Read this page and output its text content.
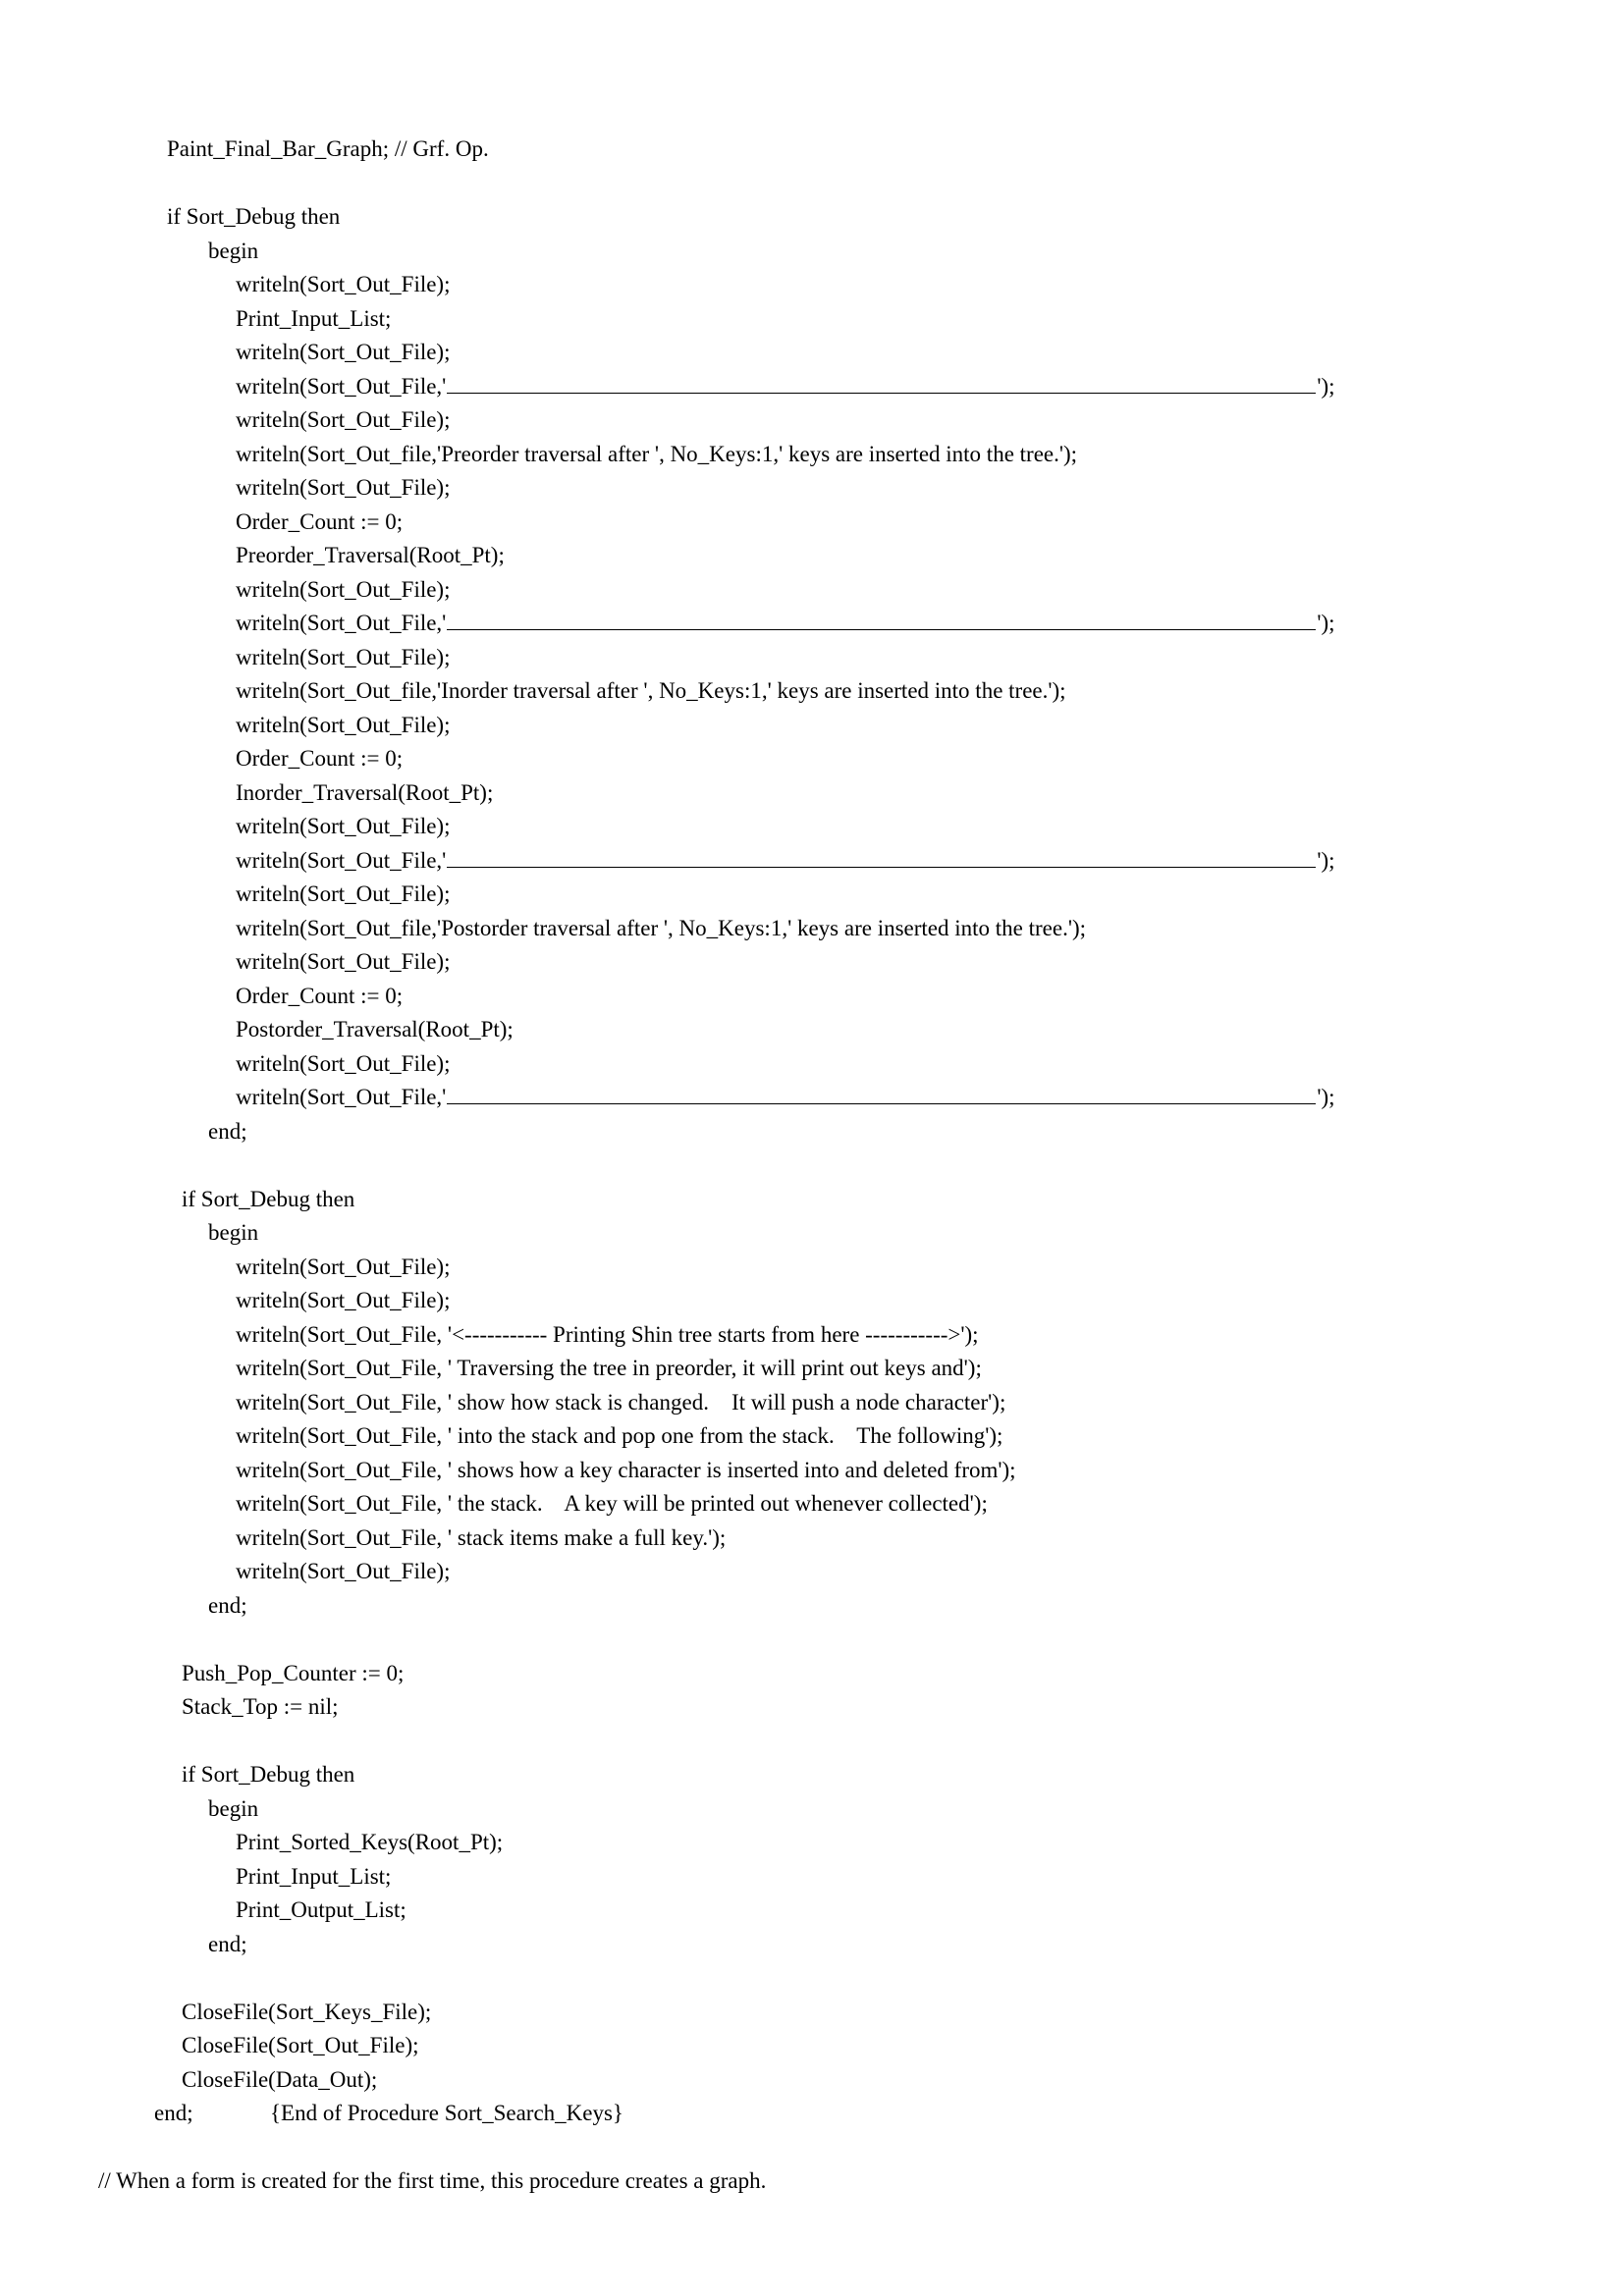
Paint_Final_Bar_Graph; // Grf. Op.
if Sort_Debug then
begin
writeln(Sort_Out_File);
Print_Input_List;
writeln(Sort_Out_File);
writeln(Sort_Out_File,'	');
writeln(Sort_Out_File);
writeln(Sort_Out_file,'Preorder traversal after ', No_Keys:1,' keys are inserted into the tree.');
writeln(Sort_Out_File);
Order_Count := 0;
Preorder_Traversal(Root_Pt);
writeln(Sort_Out_File);
writeln(Sort_Out_File,'	');
writeln(Sort_Out_File);
writeln(Sort_Out_file,'Inorder traversal after ', No_Keys:1,' keys are inserted into the tree.');
writeln(Sort_Out_File);
Order_Count := 0;
Inorder_Traversal(Root_Pt);
writeln(Sort_Out_File);
writeln(Sort_Out_File,'	');
writeln(Sort_Out_File);
writeln(Sort_Out_file,'Postorder traversal after ', No_Keys:1,' keys are inserted into the tree.');
writeln(Sort_Out_File);
Order_Count := 0;
Postorder_Traversal(Root_Pt);
writeln(Sort_Out_File);
writeln(Sort_Out_File,'	');
end;
if Sort_Debug then
begin
writeln(Sort_Out_File);
writeln(Sort_Out_File);
writeln(Sort_Out_File, '<----------- Printing Shin tree starts from here ----------->');
writeln(Sort_Out_File, ' Traversing the tree in preorder, it will print out keys and');
writeln(Sort_Out_File, ' show how stack is changed.    It will push a node character');
writeln(Sort_Out_File, ' into the stack and pop one from the stack.    The following');
writeln(Sort_Out_File, ' shows how a key character is inserted into and deleted from');
writeln(Sort_Out_File, ' the stack.    A key will be printed out whenever collected');
writeln(Sort_Out_File, ' stack items make a full key.');
writeln(Sort_Out_File);
end;
Push_Pop_Counter := 0;
Stack_Top := nil;
if Sort_Debug then
begin
Print_Sorted_Keys(Root_Pt);
Print_Input_List;
Print_Output_List;
end;
CloseFile(Sort_Keys_File);
CloseFile(Sort_Out_File);
CloseFile(Data_Out);
end;	{End of Procedure Sort_Search_Keys}
// When a form is created for the first time, this procedure creates a graph.
